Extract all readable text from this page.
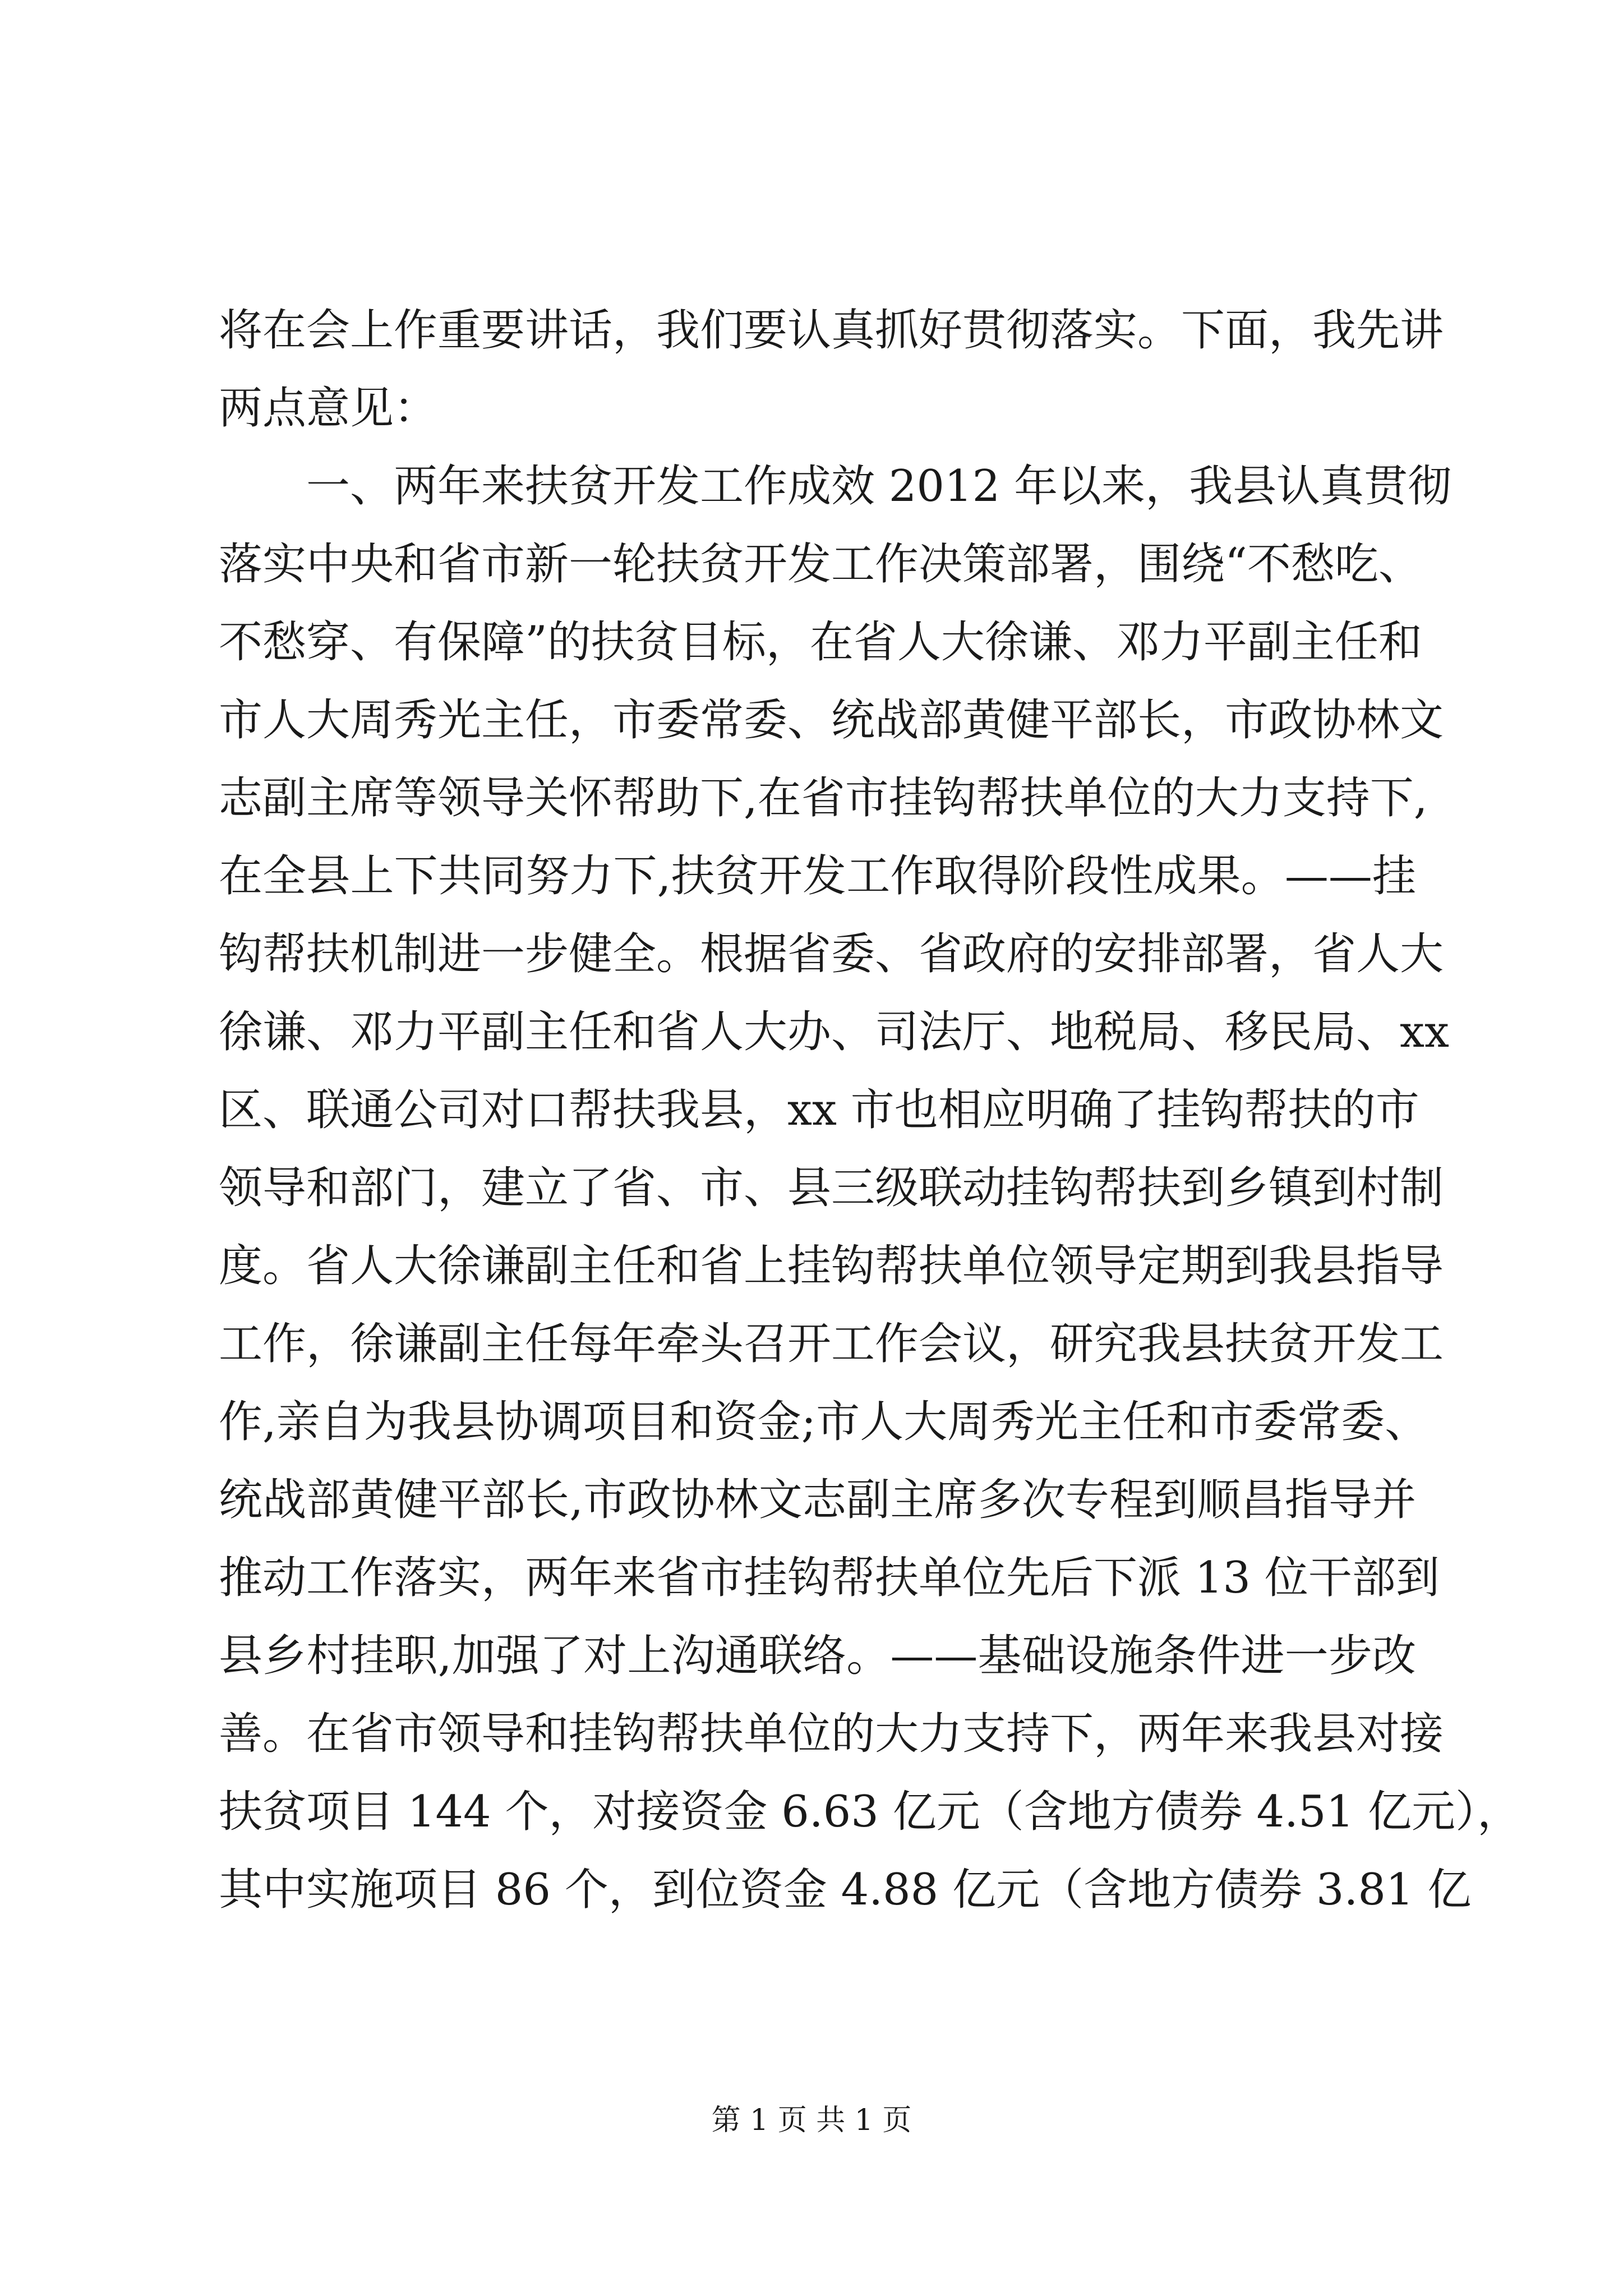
将在会上作重要讲话，我们要认真抓好贯彻落实。下面，我先讲
两点意见：
一、两年来扶贫开发工作成效 2012 年以来，我县认真贯彻
落实中央和省市新一轮扶贫开发工作决策部署，围绕“不愁吃、
不愁穿、有保障”的扶贫目标，在省人大徐谦、邓力平副主任和
市人大周秀光主任，市委常委、统战部黄健平部长，市政协林文
志副主席等领导关怀帮助下,在省市挂钩帮扶单位的大力支持下,
在全县上下共同努力下,扶贫开发工作取得阶段性成果。——挂
钩帮扶机制进一步健全。根据省委、省政府的安排部署，省人大
徐谦、邓力平副主任和省人大办、司法厅、地税局、移民局、xx
区、联通公司对口帮扶我县，xx 市也相应明确了挂钩帮扶的市
领导和部门，建立了省、市、县三级联动挂钩帮扶到乡镇到村制
度。省人大徐谦副主任和省上挂钩帮扶单位领导定期到我县指导
工作，徐谦副主任每年牵头召开工作会议，研究我县扶贫开发工
作,亲自为我县协调项目和资金;市人大周秀光主任和市委常委、
统战部黄健平部长,市政协林文志副主席多次专程到顺昌指导并
推动工作落实，两年来省市挂钩帮扶单位先后下派 13 位干部到
县乡村挂职,加强了对上沟通联络。——基础设施条件进一步改
善。在省市领导和挂钩帮扶单位的大力支持下，两年来我县对接
扶贫项目 144 个，对接资金 6.63 亿元（含地方债券 4.51 亿元），
其中实施项目 86 个，到位资金 4.88 亿元（含地方债券 3.81 亿
第 1 页 共 1 页
